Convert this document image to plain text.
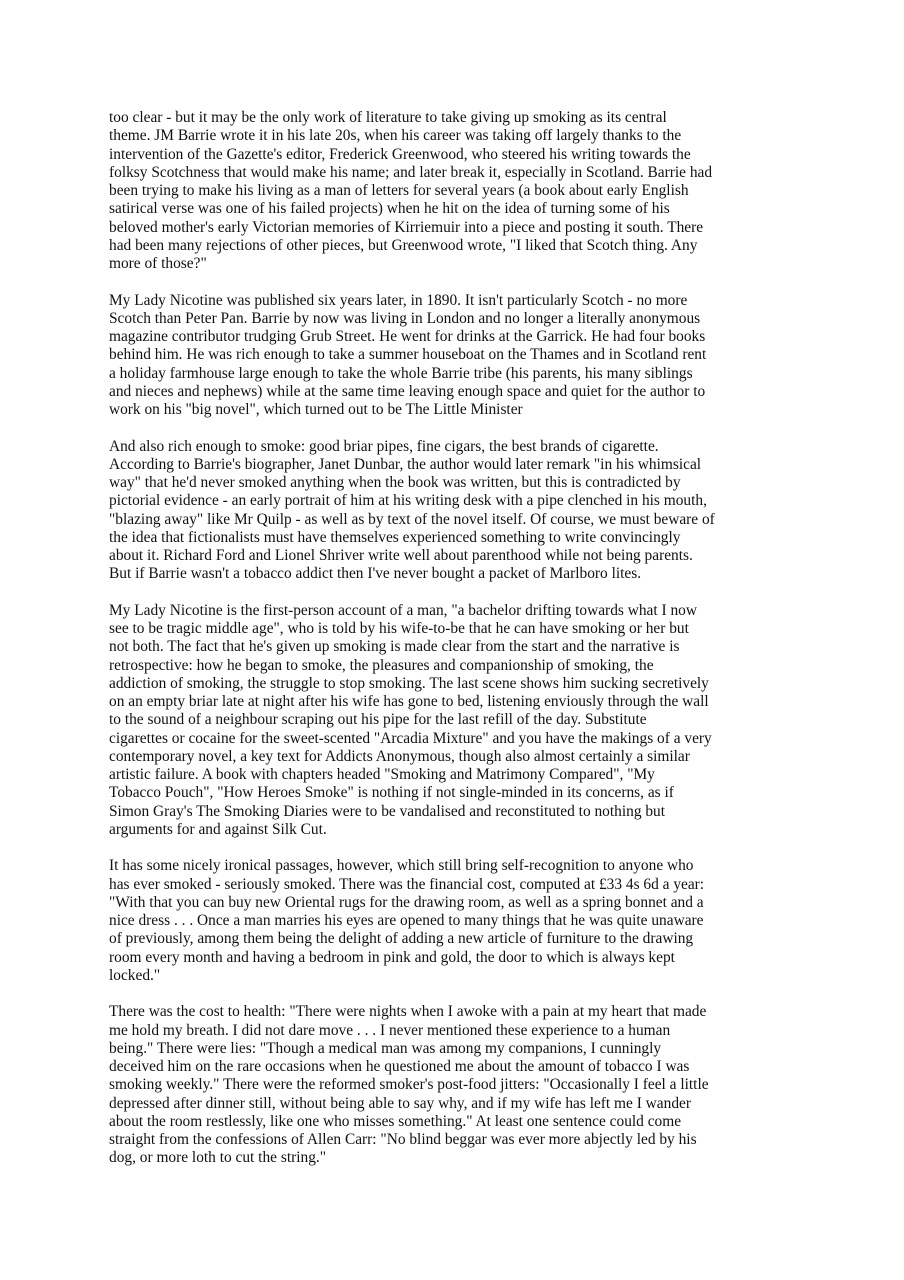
too clear - but it may be the only work of literature to take giving up smoking as its central
theme. JM Barrie wrote it in his late 20s, when his career was taking off largely thanks to the
intervention of the Gazette's editor, Frederick Greenwood, who steered his writing towards the
folksy Scotchness that would make his name; and later break it, especially in Scotland. Barrie had
been trying to make his living as a man of letters for several years (a book about early English
satirical verse was one of his failed projects) when he hit on the idea of turning some of his
beloved mother's early Victorian memories of Kirriemuir into a piece and posting it south. There
had been many rejections of other pieces, but Greenwood wrote, "I liked that Scotch thing. Any
more of those?"

My Lady Nicotine was published six years later, in 1890. It isn't particularly Scotch - no more
Scotch than Peter Pan. Barrie by now was living in London and no longer a literally anonymous
magazine contributor trudging Grub Street. He went for drinks at the Garrick. He had four books
behind him. He was rich enough to take a summer houseboat on the Thames and in Scotland rent
a holiday farmhouse large enough to take the whole Barrie tribe (his parents, his many siblings
and nieces and nephews) while at the same time leaving enough space and quiet for the author to
work on his "big novel", which turned out to be The Little Minister

And also rich enough to smoke: good briar pipes, fine cigars, the best brands of cigarette.
According to Barrie's biographer, Janet Dunbar, the author would later remark "in his whimsical
way" that he'd never smoked anything when the book was written, but this is contradicted by
pictorial evidence - an early portrait of him at his writing desk with a pipe clenched in his mouth,
"blazing away" like Mr Quilp - as well as by text of the novel itself. Of course, we must beware of
the idea that fictionalists must have themselves experienced something to write convincingly
about it. Richard Ford and Lionel Shriver write well about parenthood while not being parents.
But if Barrie wasn't a tobacco addict then I've never bought a packet of Marlboro lites.

My Lady Nicotine is the first-person account of a man, "a bachelor drifting towards what I now
see to be tragic middle age", who is told by his wife-to-be that he can have smoking or her but
not both. The fact that he's given up smoking is made clear from the start and the narrative is
retrospective: how he began to smoke, the pleasures and companionship of smoking, the
addiction of smoking, the struggle to stop smoking. The last scene shows him sucking secretively
on an empty briar late at night after his wife has gone to bed, listening enviously through the wall
to the sound of a neighbour scraping out his pipe for the last refill of the day. Substitute
cigarettes or cocaine for the sweet-scented "Arcadia Mixture" and you have the makings of a very
contemporary novel, a key text for Addicts Anonymous, though also almost certainly a similar
artistic failure. A book with chapters headed "Smoking and Matrimony Compared", "My
Tobacco Pouch", "How Heroes Smoke" is nothing if not single-minded in its concerns, as if
Simon Gray's The Smoking Diaries were to be vandalised and reconstituted to nothing but
arguments for and against Silk Cut.

It has some nicely ironical passages, however, which still bring self-recognition to anyone who
has ever smoked - seriously smoked. There was the financial cost, computed at £33 4s 6d a year:
"With that you can buy new Oriental rugs for the drawing room, as well as a spring bonnet and a
nice dress . . . Once a man marries his eyes are opened to many things that he was quite unaware
of previously, among them being the delight of adding a new article of furniture to the drawing
room every month and having a bedroom in pink and gold, the door to which is always kept
locked."

There was the cost to health: "There were nights when I awoke with a pain at my heart that made
me hold my breath. I did not dare move . . . I never mentioned these experience to a human
being." There were lies: "Though a medical man was among my companions, I cunningly
deceived him on the rare occasions when he questioned me about the amount of tobacco I was
smoking weekly." There were the reformed smoker's post-food jitters: "Occasionally I feel a little
depressed after dinner still, without being able to say why, and if my wife has left me I wander
about the room restlessly, like one who misses something." At least one sentence could come
straight from the confessions of Allen Carr: "No blind beggar was ever more abjectly led by his
dog, or more loth to cut the string."
